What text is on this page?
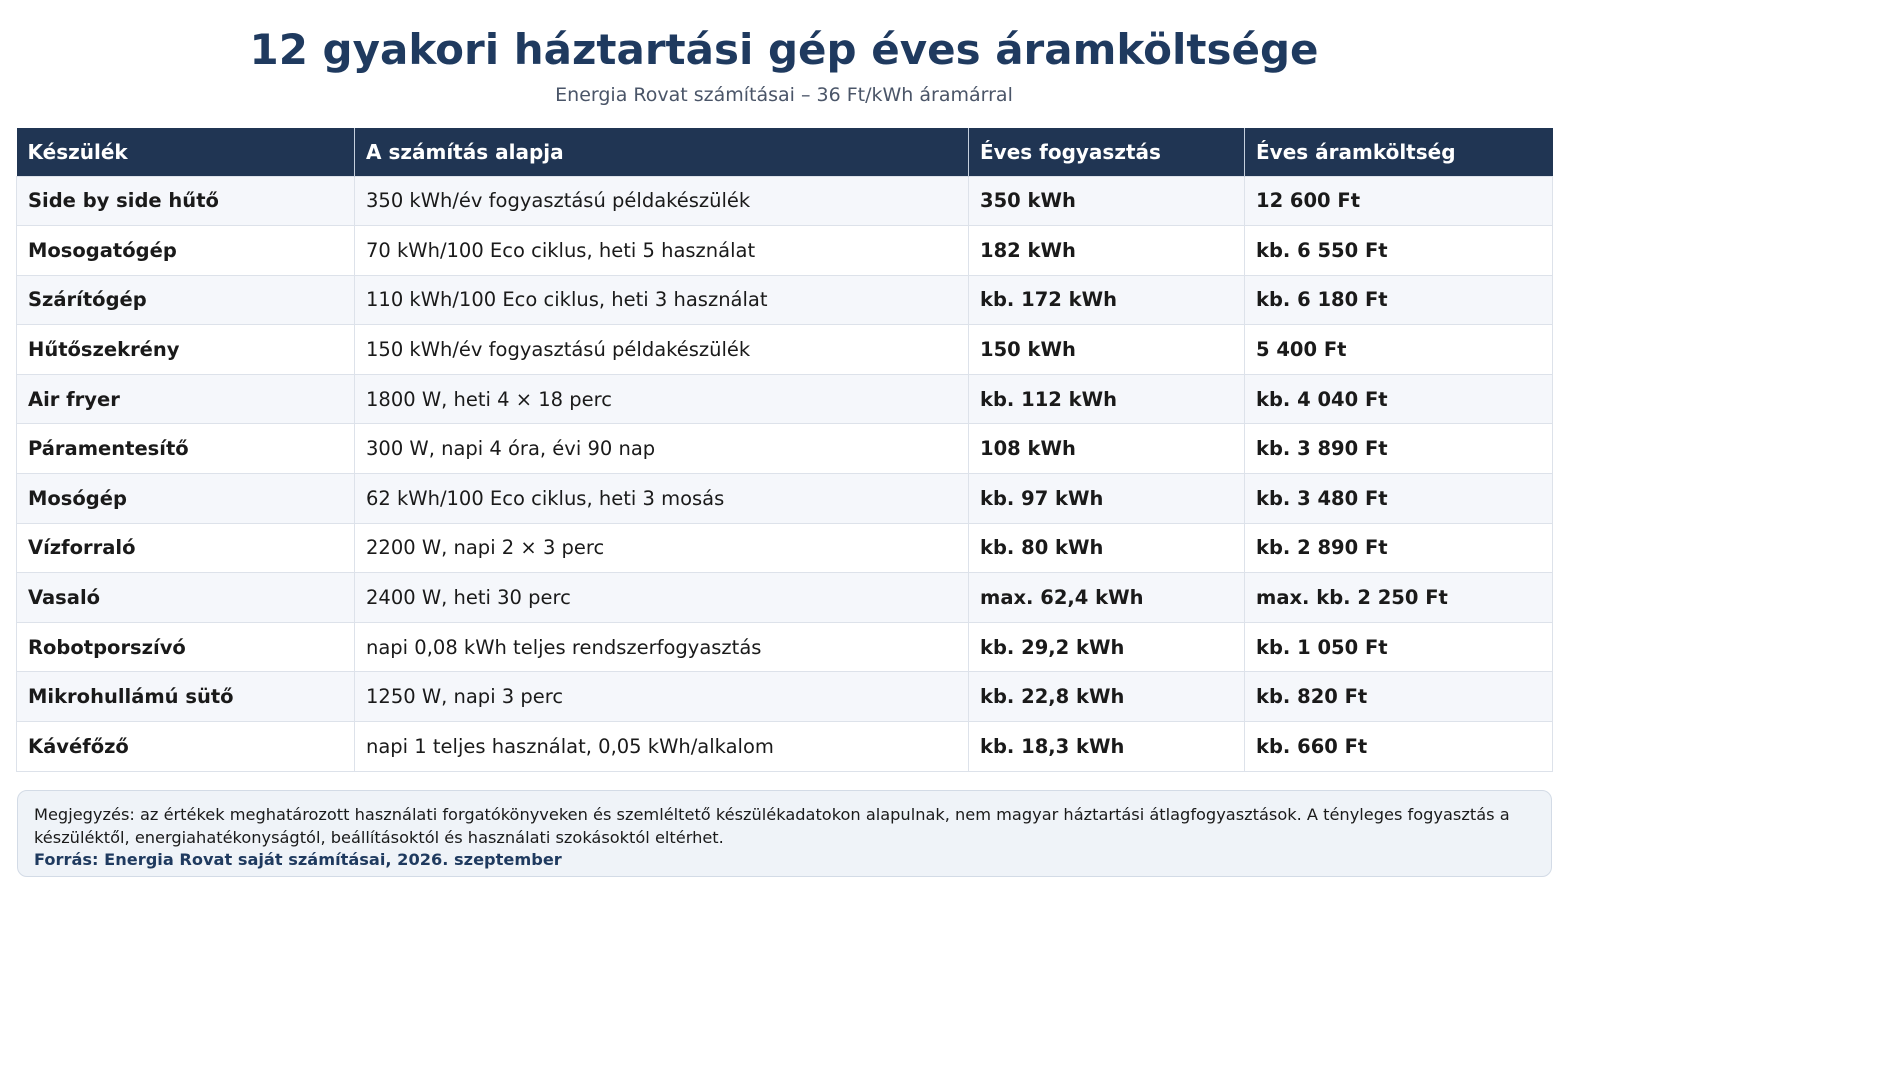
12 gyakori háztartási gép éves áramköltsége
Energia Rovat számításai – 36 Ft/kWh áramárral
Készülék	A számítás alapja	Éves fogyasztás	Éves áramköltség
Side by side hűtő	350 kWh/év fogyasztású példakészülék	350 kWh	12 600 Ft
Mosogatógép	70 kWh/100 Eco ciklus, heti 5 használat	182 kWh	kb. 6 550 Ft
Szárítógép	110 kWh/100 Eco ciklus, heti 3 használat	kb. 172 kWh	kb. 6 180 Ft
Hűtőszekrény	150 kWh/év fogyasztású példakészülék	150 kWh	5 400 Ft
Air fryer	1800 W, heti 4 × 18 perc	kb. 112 kWh	kb. 4 040 Ft
Páramentesítő	300 W, napi 4 óra, évi 90 nap	108 kWh	kb. 3 890 Ft
Mosógép	62 kWh/100 Eco ciklus, heti 3 mosás	kb. 97 kWh	kb. 3 480 Ft
Vízforraló	2200 W, napi 2 × 3 perc	kb. 80 kWh	kb. 2 890 Ft
Vasaló	2400 W, heti 30 perc	max. 62,4 kWh	max. kb. 2 250 Ft
Robotporszívó	napi 0,08 kWh teljes rendszerfogyasztás	kb. 29,2 kWh	kb. 1 050 Ft
Mikrohullámú sütő	1250 W, napi 3 perc	kb. 22,8 kWh	kb. 820 Ft
Kávéfőző	napi 1 teljes használat, 0,05 kWh/alkalom	kb. 18,3 kWh	kb. 660 Ft
Megjegyzés: az értékek meghatározott használati forgatókönyveken és szemléltető készülékadatokon alapulnak, nem magyar háztartási átlagfogyasztások. A tényleges fogyasztás a készüléktől, energiahatékonyságtól, beállításoktól és használati szokásoktól eltérhet.
Forrás: Energia Rovat saját számításai, 2026. szeptember
